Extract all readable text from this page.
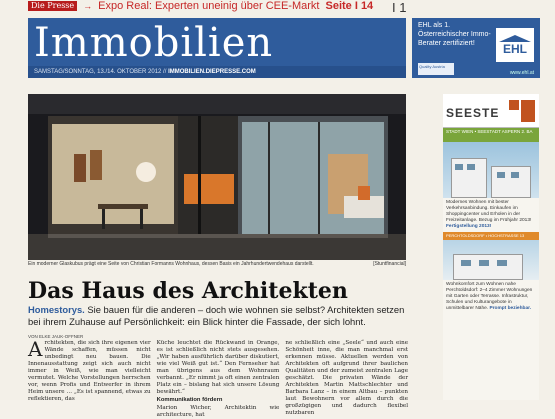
Die Presse	→ Expo Real: Experten uneinig über CEE-Markt Seite I 14 I 1
Immobilien
SAMSTAG/SONNTAG, 13./14. OKTOBER 2012 // IMMOBILIEN.DIEPRESSE.COM
EHL als 1. Österreichischer Immo-Berater zertifiziert!	EHL
Quality Austria
www.ehl.at
Ein moderner Glaskubus prägt eine Seite von Christian Formanns Wohnhaus, dessen Basis ein Jahrhundertwendehaus darstellt.	[Stuntfinancial]
Das Haus des Architekten

Homestorys. Sie bauen für die anderen – doch wie wohnen sie selbst? Architekten setzen bei ihrem Zuhause auf Persönlichkeit: ein Blick hinter die Fassade, der sich lohnt.

VON ELKE JAUK-OFFNER
A rchitekten, die sich ihre eigenen vier Wände schaffen, müssen nicht unbedingt neu bauen. Die Innenausstattung zeigt sich auch nicht immer in Weiß, wie man vielleicht vermutet. Welche Vorstellungen herrschen vor, wenn Profis und Entwerfer in ihrem Heim unsere … „Es ist spannend, etwas zu reflektieren, das
Küche leuchtet die Rückwand in Orange, es ist schließlich nicht stets ausgesehen. „Wir haben ausführlich darüber diskutiert, wie viel Weiß gut ist.“ Den Fernseher hat man übrigens aus dem Wohnraum verbannt. „Er nimmt ja oft einen zentralen Platz ein – bislang hat sich unsere Lösung bewährt.“
Kommunikation fördern
Marion Wicher, Architektin wie architecture, hat
ne schließlich eine „Seele“ und auch eine Schönheit inne, die man manchmal erst erkennen müsse. Aktuellen werden von Architekten oft aufgrund ihrer baulichen Qualitäten und der zumeist zentralen Lage geschätzt. Die privaten Wände der Architekten Martin Mattschlechter und Barbara Lanz – in einem Altbau – punkten laut Bewohnern vor allem durch die großzügigen und dadurch flexibel nutzbaren
SEESTE
STADT WIEN • SEESTADT ASPERN 2. BA
Modernes Wohnen mit bester Verkehrsanbindung. Einkaufen im Shoppingcenter und Erholen in der Freizeitanlage. Bezug im Frühjahr 2013! Fertigstellung 2013!
PERCHTOLDSDORF • HOCHSTRASSE 13
Wohnkomfort zum Wohnen nahe Perchtoldsdorf: 2–4 Zimmer Wohnungen mit Garten oder Terrasse. Infrastruktur, Schulen und Kulturangebote in unmittelbarer Nähe. Prompt beziehbar.
